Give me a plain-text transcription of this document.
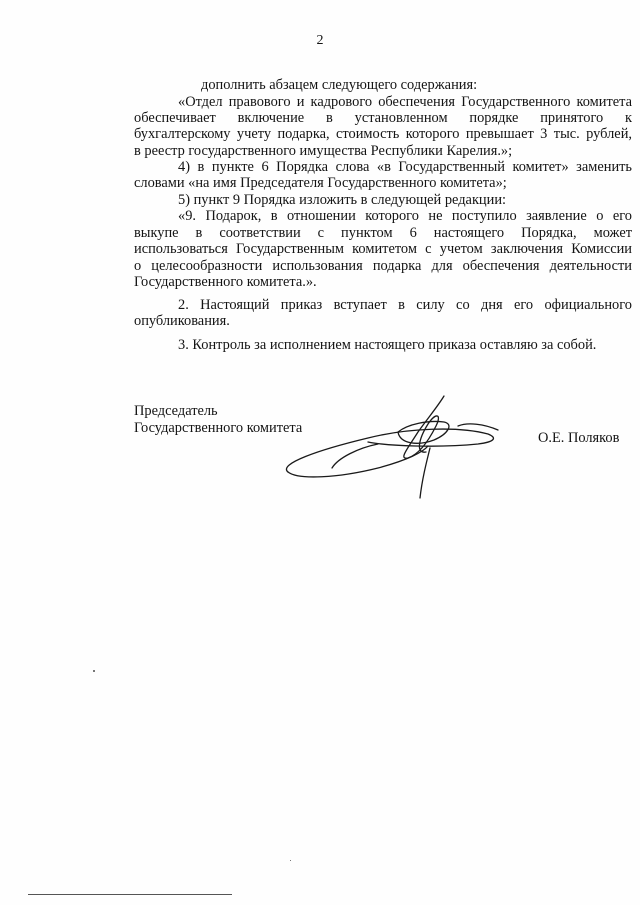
2
дополнить абзацем следующего содержания:
«Отдел правового и кадрового обеспечения Государственного комитета
обеспечивает включение в установленном порядке принятого к
бухгалтерскому учету подарка, стоимость которого превышает 3 тыс. рублей,
в реестр государственного имущества Республики Карелия.»;
4) в пункте 6 Порядка слова «в Государственный комитет» заменить
словами «на имя Председателя Государственного комитета»;
5) пункт 9 Порядка изложить в следующей редакции:
«9. Подарок, в отношении которого не поступило заявление о его
выкупе в соответствии с пунктом 6 настоящего Порядка, может
использоваться Государственным комитетом с учетом заключения Комиссии
о целесообразности использования подарка для обеспечения деятельности
Государственного комитета.».
2. Настоящий приказ вступает в силу со дня его официального
опубликования.
3. Контроль за исполнением настоящего приказа оставляю за собой.
Председатель
Государственного комитета
О.Е. Поляков
